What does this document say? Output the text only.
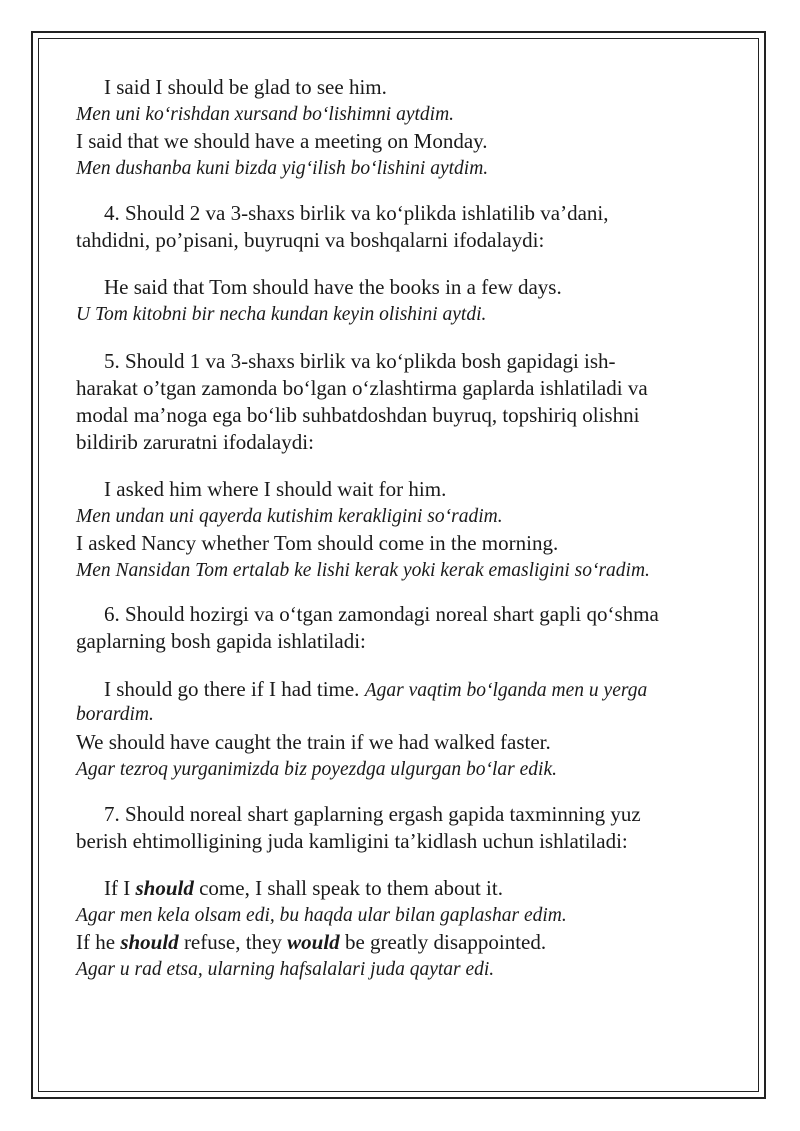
I said I should be glad to see him.
Men uni ko‘rishdan xursand bo‘lishimni aytdim.
I said that we should have a meeting on Monday.
Men dushanba kuni bizda yig‘ilish bo‘lishini aytdim.
4. Should 2 va 3-shaxs birlik va ko‘plikda ishlatilib va’dani,
tahdidni, po’pisani, buyruqni va boshqalarni ifodalaydi:
He said that Tom should have the books in a few days.
U Tom kitobni bir necha kundan keyin olishini aytdi.
5. Should 1 va 3-shaxs birlik va ko‘plikda bosh gapidagi ish-
harakat o’tgan zamonda bo‘lgan o‘zlashtirma gaplarda ishlatiladi va
modal ma’noga ega bo‘lib suhbatdoshdan buyruq, topshiriq olishni
bildirib zaruratni ifodalaydi:
I asked him where I should wait for him.
Men undan uni qayerda kutishim kerakligini so‘radim.
I asked Nancy whether Tom should come in the morning.
Men Nansidan Tom ertalab ke lishi kerak yoki kerak emasligini so‘radim.
6. Should hozirgi va o‘tgan zamondagi noreal shart gapli qo‘shma
gaplarning bosh gapida ishlatiladi:
I should go there if I had time. Agar vaqtim bo‘lganda men u yerga
borardim.
We should have caught the train if we had walked faster.
Agar tezroq yurganimizda biz poyezdga ulgurgan bo‘lar edik.
7. Should noreal shart gaplarning ergash gapida taxminning yuz
berish ehtimolligining juda kamligini ta’kidlash uchun ishlatiladi:
If I should come, I shall speak to them about it.
Agar men kela olsam edi, bu haqda ular bilan gaplashar edim.
If he should refuse, they would be greatly disappointed.
Agar u rad etsa, ularning hafsalalari juda qaytar edi.
